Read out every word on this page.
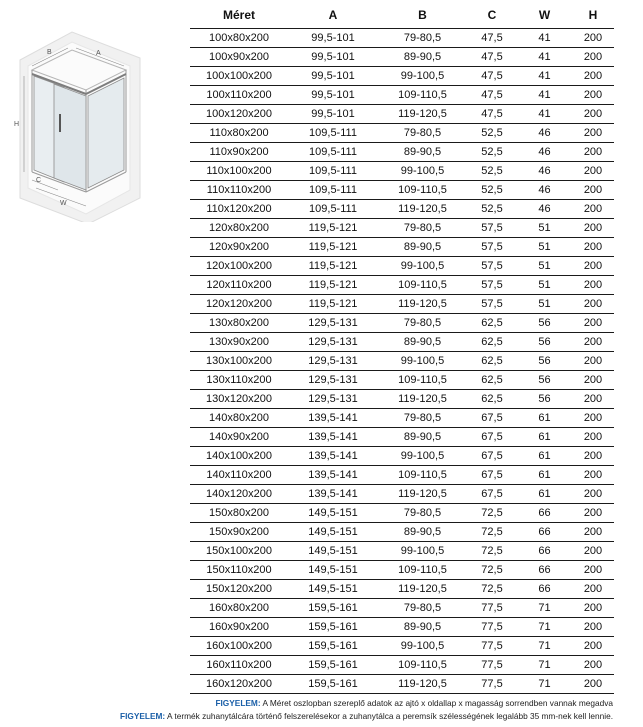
B	A
H
C
W
Méret	A	B	C	W	H
100x80x200	99,5-101	79-80,5	47,5	41	200
100x90x200	99,5-101	89-90,5	47,5	41	200
100x100x200	99,5-101	99-100,5	47,5	41	200
100x110x200	99,5-101	109-110,5	47,5	41	200
100x120x200	99,5-101	119-120,5	47,5	41	200
110x80x200	109,5-111	79-80,5	52,5	46	200
110x90x200	109,5-111	89-90,5	52,5	46	200
110x100x200	109,5-111	99-100,5	52,5	46	200
110x110x200	109,5-111	109-110,5	52,5	46	200
110x120x200	109,5-111	119-120,5	52,5	46	200
120x80x200	119,5-121	79-80,5	57,5	51	200
120x90x200	119,5-121	89-90,5	57,5	51	200
120x100x200	119,5-121	99-100,5	57,5	51	200
120x110x200	119,5-121	109-110,5	57,5	51	200
120x120x200	119,5-121	119-120,5	57,5	51	200
130x80x200	129,5-131	79-80,5	62,5	56	200
130x90x200	129,5-131	89-90,5	62,5	56	200
130x100x200	129,5-131	99-100,5	62,5	56	200
130x110x200	129,5-131	109-110,5	62,5	56	200
130x120x200	129,5-131	119-120,5	62,5	56	200
140x80x200	139,5-141	79-80,5	67,5	61	200
140x90x200	139,5-141	89-90,5	67,5	61	200
140x100x200	139,5-141	99-100,5	67,5	61	200
140x110x200	139,5-141	109-110,5	67,5	61	200
140x120x200	139,5-141	119-120,5	67,5	61	200
150x80x200	149,5-151	79-80,5	72,5	66	200
150x90x200	149,5-151	89-90,5	72,5	66	200
150x100x200	149,5-151	99-100,5	72,5	66	200
150x110x200	149,5-151	109-110,5	72,5	66	200
150x120x200	149,5-151	119-120,5	72,5	66	200
160x80x200	159,5-161	79-80,5	77,5	71	200
160x90x200	159,5-161	89-90,5	77,5	71	200
160x100x200	159,5-161	99-100,5	77,5	71	200
160x110x200	159,5-161	109-110,5	77,5	71	200
160x120x200	159,5-161	119-120,5	77,5	71	200
FIGYELEM: A Méret oszlopban szereplő adatok az ajtó x oldallap x magasság sorrendben vannak megadva
FIGYELEM: A termék zuhanytálcára történő felszerelésekor a zuhanytálca a peremsík szélességének legalább 35 mm-nek kell lennie.
